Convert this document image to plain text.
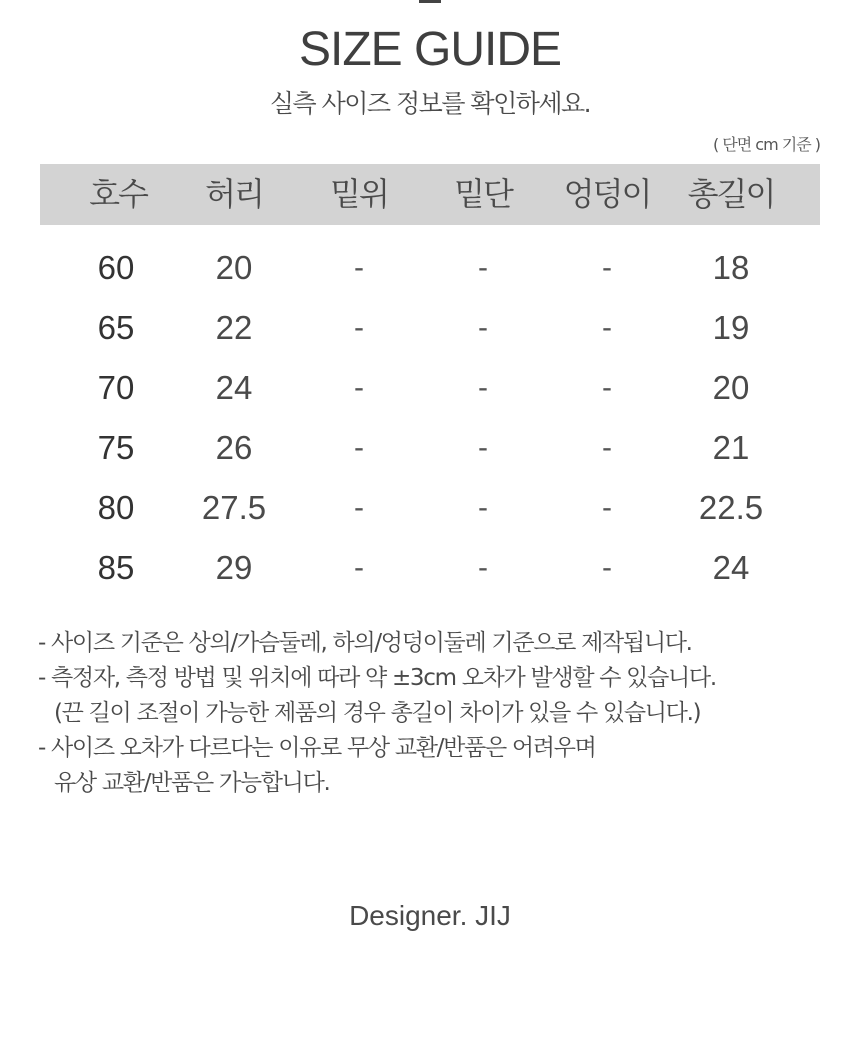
SIZE GUIDE
실측 사이즈 정보를 확인하세요.
( 단면 cm 기준 )
호수	허리	밑위	밑단	엉덩이	총길이
60	20	-	-	-	18
65	22	-	-	-	19
70	24	-	-	-	20
75	26	-	-	-	21
80	27.5	-	-	-	22.5
85	29	-	-	-	24
- 사이즈 기준은 상의/가슴둘레, 하의/엉덩이둘레 기준으로 제작됩니다.
- 측정자, 측정 방법 및 위치에 따라 약 ±3cm 오차가 발생할 수 있습니다.
(끈 길이 조절이 가능한 제품의 경우 총길이 차이가 있을 수 있습니다.)
- 사이즈 오차가 다르다는 이유로 무상 교환/반품은 어려우며
유상 교환/반품은 가능합니다.
Designer. JIJ
